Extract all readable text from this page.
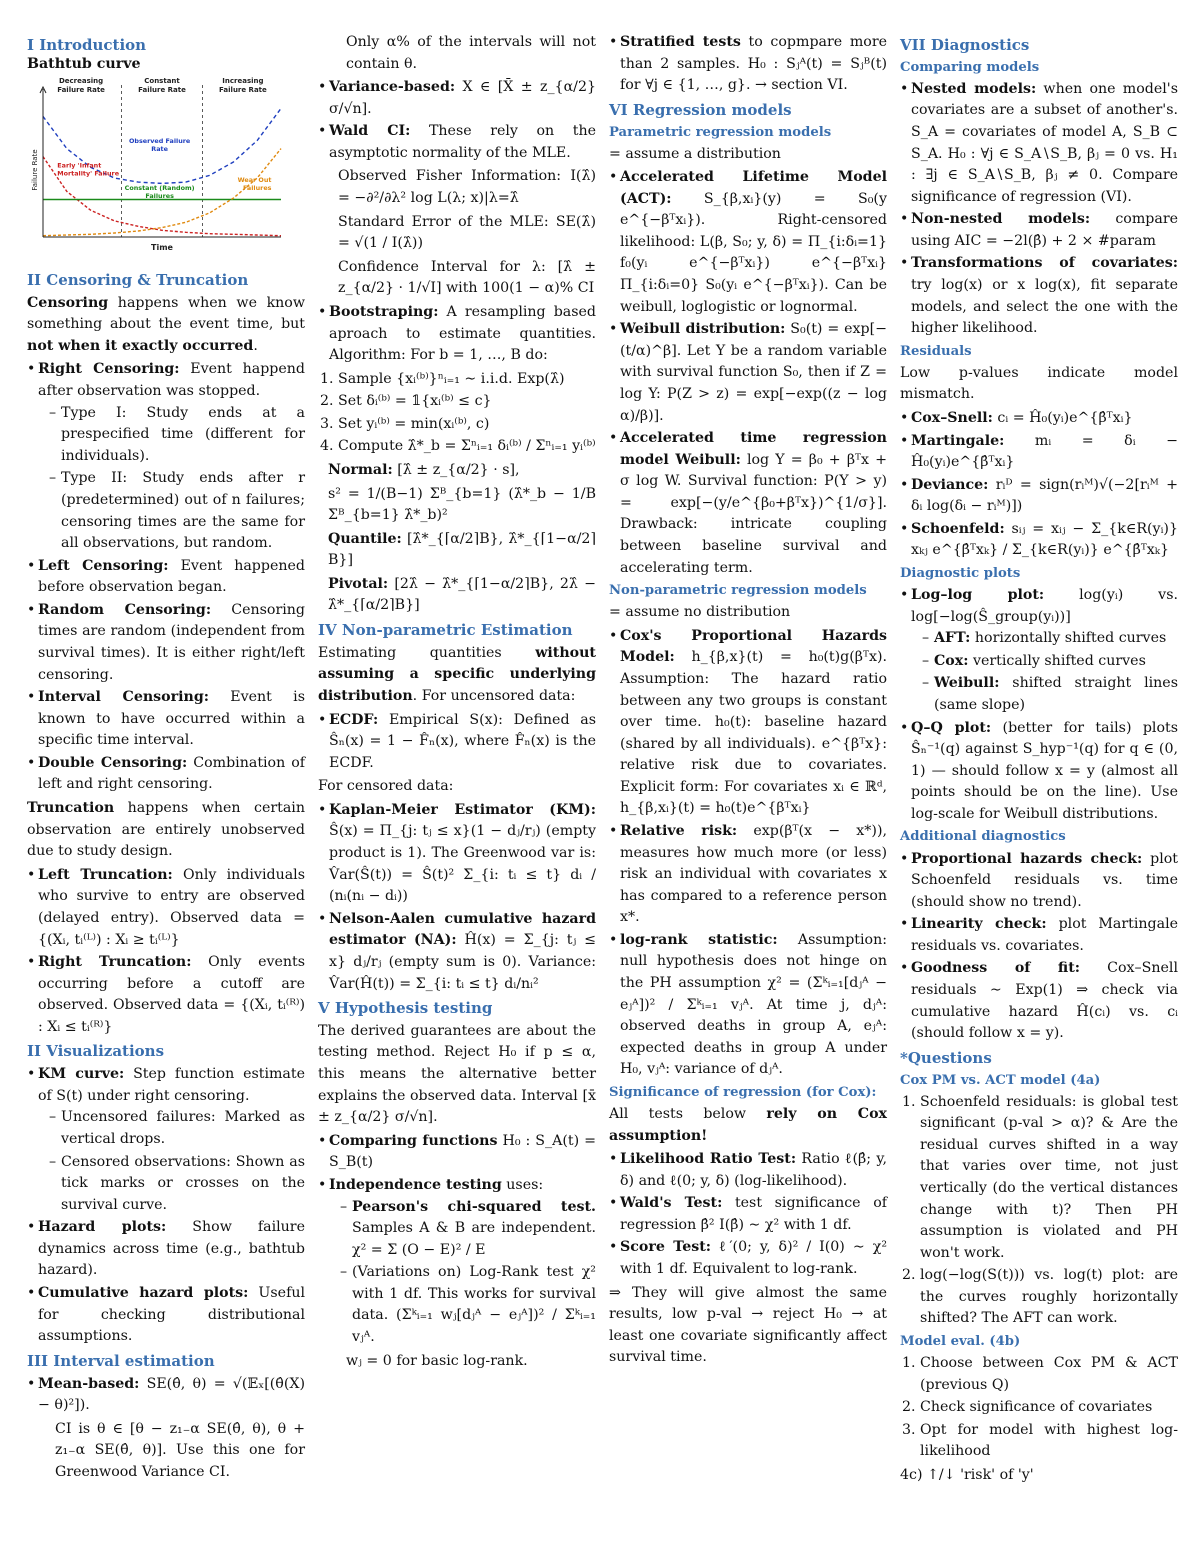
I Introduction
Bathtub curve
Decreasing
Failure Rate
Constant
Failure Rate
Increasing
Failure Rate
Time
Failure Rate
Observed Failure
Rate
Early 'Infant
Mortality' Failure
Constant (Random)
Failures
Wear Out
Failures
II Censoring & Truncation

Censoring happens when we know something about the event time, but not when it exactly occurred.

• Right Censoring: Event happend after observation was stopped.
– Type I: Study ends at a prespecified time (different for individuals).
– Type II: Study ends after r (predetermined) out of n failures; censoring times are the same for all observations, but random.
• Left Censoring: Event happened before observation began.
• Random Censoring: Censoring times are random (independent from survival times). It is either right/left censoring.
• Interval Censoring: Event is known to have occurred within a specific time interval.
• Double Censoring: Combination of left and right censoring.

Truncation happens when certain observation are entirely unobserved due to study design.

• Left Truncation: Only individuals who survive to entry are observed (delayed entry). Observed data = {(Xᵢ, tᵢ⁽ᴸ⁾) : Xᵢ ≥ tᵢ⁽ᴸ⁾}
• Right Truncation: Only events occurring before a cutoff are observed. Observed data = {(Xᵢ, tᵢ⁽ᴿ⁾) : Xᵢ ≤ tᵢ⁽ᴿ⁾}
II Visualizations
• KM curve: Step function estimate of S(t) under right censoring.
– Uncensored failures: Marked as vertical drops.
– Censored observations: Shown as tick marks or crosses on the survival curve.
• Hazard plots: Show failure dynamics across time (e.g., bathtub hazard).
• Cumulative hazard plots: Useful for checking distributional assumptions.
III Interval estimation
• Mean-based: SE(θ̂, θ) = √(𝔼ₓ[(θ̂(X) − θ)²]).

CI is θ ∈ [θ − z₁₋α SE(θ̂, θ), θ + z₁₋α SE(θ̂, θ)]. Use this one for Greenwood Variance CI.

Only α% of the intervals will not contain θ.

• Variance-based: X ∈ [X̄ ± z_{α/2} σ/√n].
• Wald CI: These rely on the asymptotic normality of the MLE.

Observed Fisher Information: I(λ̂) = −∂²/∂λ² log L(λ; x)|λ=λ̂

Standard Error of the MLE: SE(λ̂) = √(1 / I(λ̂))

Confidence Interval for λ: [λ̂ ± z_{α/2} · 1/√I] with 100(1 − α)% CI

• Bootstraping: A resampling based aproach to estimate quantities. Algorithm: For b = 1, …, B do:
1. Sample {xᵢ⁽ᵇ⁾}ⁿᵢ₌₁ ∼ i.i.d. Exp(λ̂)
2. Set δᵢ⁽ᵇ⁾ = 𝟙{xᵢ⁽ᵇ⁾ ≤ c}
3. Set yᵢ⁽ᵇ⁾ = min(xᵢ⁽ᵇ⁾, c)
4. Compute λ̂*_b = Σⁿᵢ₌₁ δᵢ⁽ᵇ⁾ / Σⁿᵢ₌₁ yᵢ⁽ᵇ⁾

Normal: [λ̂ ± z_{α/2} · s],

s² = 1/(B−1) Σᴮ_{b=1} (λ̂*_b − 1/B Σᴮ_{b=1} λ̂*_b)²

Quantile: [λ̂*_{⌈α/2⌉B}, λ̂*_{⌈1−α/2⌉B}]

Pivotal: [2λ̂ − λ̂*_{⌈1−α/2⌉B}, 2λ̂ − λ̂*_{⌈α/2⌉B}]

IV Non-parametric Estimation

Estimating quantities without assuming a specific underlying distribution. For uncensored data:

• ECDF: Empirical S(x): Defined as Ŝₙ(x) = 1 − F̂ₙ(x), where F̂ₙ(x) is the ECDF.

For censored data:

• Kaplan-Meier Estimator (KM): Ŝ(x) = Π_{j: tⱼ ≤ x}(1 − dⱼ/rⱼ) (empty product is 1). The Greenwood var is: V̂ar(Ŝ(t)) = Ŝ(t)² Σ_{i: tᵢ ≤ t} dᵢ / (nᵢ(nᵢ − dᵢ))
• Nelson-Aalen cumulative hazard estimator (NA): Ĥ(x) = Σ_{j: tⱼ ≤ x} dⱼ/rⱼ (empty sum is 0). Variance: V̂ar(Ĥ(t)) = Σ_{i: tᵢ ≤ t} dᵢ/nᵢ²
V Hypothesis testing

The derived guarantees are about the testing method. Reject H₀ if p ≤ α, this means the alternative better explains the observed data. Interval [x̄ ± z_{α/2} σ/√n].

• Comparing functions H₀ : S_A(t) = S_B(t)
• Independence testing uses:
– Pearson's chi-squared test. Samples A & B are independent. χ² = Σ (O − E)² / E
– (Variations on) Log-Rank test χ² with 1 df. This works for survival data. (Σᵏᵢ₌₁ wⱼ[dⱼᴬ − eⱼᴬ])² / Σᵏᵢ₌₁ vⱼᴬ.

wⱼ = 0 for basic log-rank.

• Stratified tests to copmpare more than 2 samples. H₀ : Sⱼᴬ(t) = Sⱼᴮ(t) for ∀j ∈ {1, …, g}. → section VI.
VI Regression models
Parametric regression models

= assume a distribution

• Accelerated Lifetime Model (ACT): S_{β,xᵢ}(y) = S₀(y e^{−βᵀxᵢ}). Right-censored likelihood: L(β, S₀; y, δ) = Π_{i:δᵢ=1} f₀(yᵢ e^{−βᵀxᵢ}) e^{−βᵀxᵢ} Π_{i:δᵢ=0} S₀(yᵢ e^{−βᵀxᵢ}). Can be weibull, loglogistic or lognormal.
• Weibull distribution: S₀(t) = exp[−(t/α)^β]. Let Y be a random variable with survival function S₀, then if Z = log Y: P(Z > z) = exp[−exp((z − log α)/β)].
• Accelerated time regression model Weibull: log Y = β₀ + βᵀx + σ log W. Survival function: P(Y > y) = exp[−(y/e^{β₀+βᵀx})^{1/σ}]. Drawback: intricate coupling between baseline survival and accelerating term.
Non-parametric regression models

= assume no distribution

• Cox's Proportional Hazards Model: h_{β,x}(t) = h₀(t)g(βᵀx). Assumption: The hazard ratio between any two groups is constant over time. h₀(t): baseline hazard (shared by all individuals). e^{βᵀx}: relative risk due to covariates. Explicit form: For covariates xᵢ ∈ ℝᵈ, h_{β,xᵢ}(t) = h₀(t)e^{βᵀxᵢ}
• Relative risk: exp(βᵀ(x − x*)), measures how much more (or less) risk an individual with covariates x has compared to a reference person x*.
• log-rank statistic: Assumption: null hypothesis does not hinge on the PH assumption χ² = (Σᵏᵢ₌₁[dⱼᴬ − eⱼᴬ])² / Σᵏᵢ₌₁ vⱼᴬ. At time j, dⱼᴬ: observed deaths in group A, eⱼᴬ: expected deaths in group A under H₀, vⱼᴬ: variance of dⱼᴬ.
Significance of regression (for Cox):

All tests below rely on Cox assumption!

• Likelihood Ratio Test: Ratio ℓ(β̂; y, δ) and ℓ(0; y, δ) (log-likelihood).
• Wald's Test: test significance of regression β̂² I(β̂) ∼ χ² with 1 df.
• Score Test: ℓ′(0; y, δ)² / I(0) ∼ χ² with 1 df. Equivalent to log-rank.

⇒ They will give almost the same results, low p-val → reject H₀ → at least one covariate significantly affect survival time.

VII Diagnostics
Comparing models
• Nested models: when one model's covariates are a subset of another's. S_A = covariates of model A, S_B ⊂ S_A. H₀ : ∀j ∈ S_A∖S_B, βⱼ = 0 vs. H₁ : ∃j ∈ S_A∖S_B, βⱼ ≠ 0. Compare significance of regression (VI).
• Non-nested models: compare using AIC = −2l(β̂) + 2 × #param
• Transformations of covariates: try log(x) or x log(x), fit separate models, and select the one with the higher likelihood.
Residuals

Low p-values indicate model mismatch.

• Cox–Snell: cᵢ = Ĥ₀(yᵢ)e^{β̂ᵀxᵢ}
• Martingale: mᵢ = δᵢ − Ĥ₀(yᵢ)e^{β̂ᵀxᵢ}
• Deviance: rᵢᴰ = sign(rᵢᴹ)√(−2[rᵢᴹ + δᵢ log(δᵢ − rᵢᴹ)])
• Schoenfeld: sᵢⱼ = xᵢⱼ − Σ_{k∈R(yᵢ)} xₖⱼ e^{β̂ᵀxₖ} / Σ_{k∈R(yᵢ)} e^{β̂ᵀxₖ}
Diagnostic plots
• Log–log plot: log(yᵢ) vs. log[−log(Ŝ_group(yᵢ))]
– AFT: horizontally shifted curves
– Cox: vertically shifted curves
– Weibull: shifted straight lines (same slope)
• Q–Q plot: (better for tails) plots Ŝₙ⁻¹(q) against S_hyp⁻¹(q) for q ∈ (0, 1) — should follow x = y (almost all points should be on the line). Use log-scale for Weibull distributions.
Additional diagnostics
• Proportional hazards check: plot Schoenfeld residuals vs. time (should show no trend).
• Linearity check: plot Martingale residuals vs. covariates.
• Goodness of fit: Cox–Snell residuals ∼ Exp(1) ⇒ check via cumulative hazard Ĥ(cᵢ) vs. cᵢ (should follow x = y).
*Questions
Cox PM vs. ACT model (4a)
1. Schoenfeld residuals: is global test significant (p-val > α)? & Are the residual curves shifted in a way that varies over time, not just vertically (do the vertical distances change with t)? Then PH assumption is violated and PH won't work.
2. log(−log(S(t))) vs. log(t) plot: are the curves roughly horizontally shifted? The AFT can work.
Model eval. (4b)
1. Choose between Cox PM & ACT (previous Q)
2. Check significance of covariates
3. Opt for model with highest log-likelihood

4c) ↑/↓ 'risk' of 'y'
